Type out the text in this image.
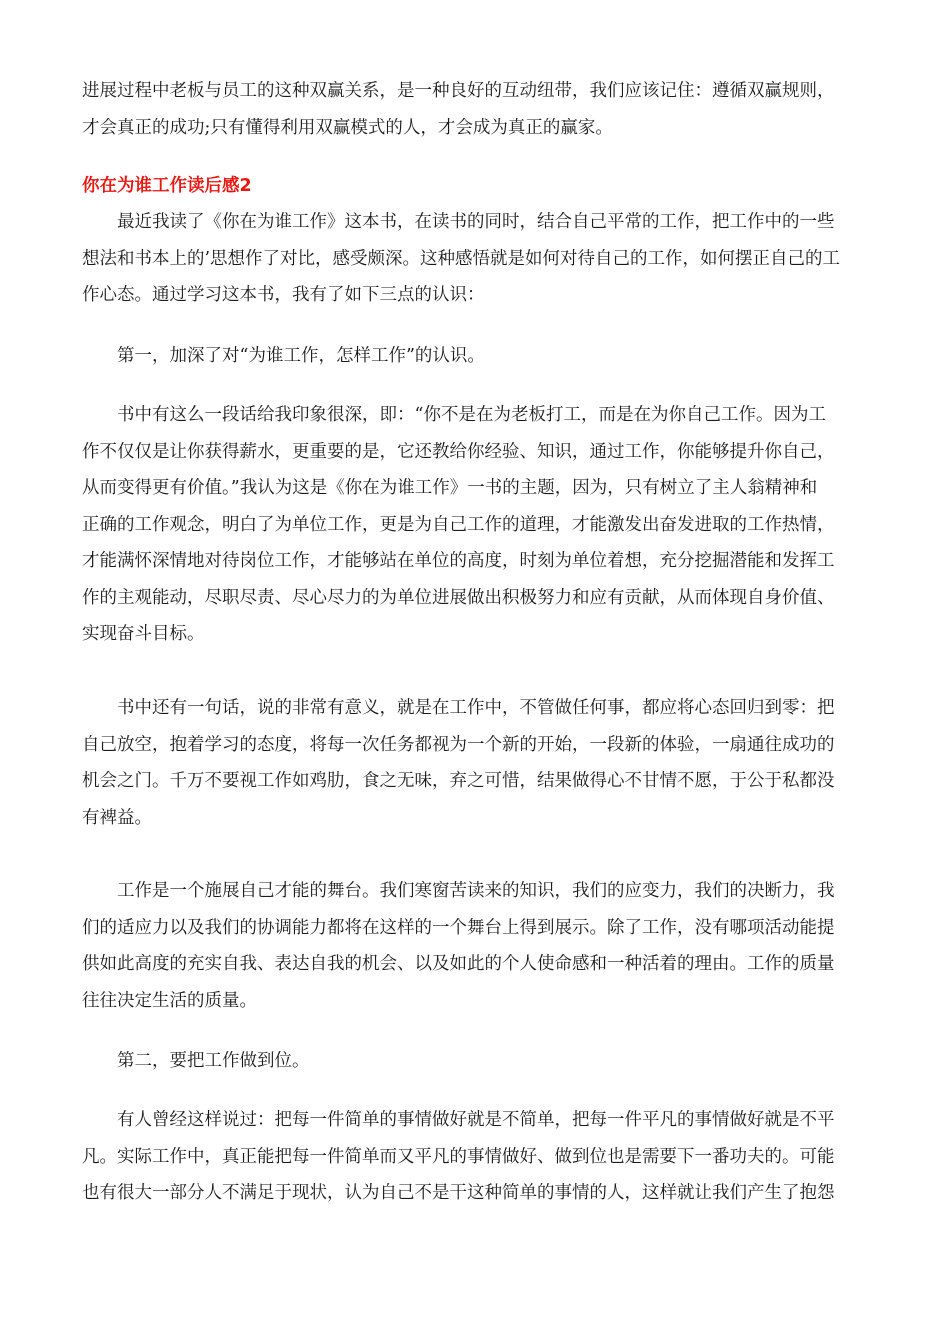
进展过程中老板与员工的这种双赢关系，是一种良好的互动纽带，我们应该记住：遵循双赢规则，
才会真正的成功;只有懂得利用双赢模式的人，才会成为真正的赢家。
你在为谁工作读后感2
　　最近我读了《你在为谁工作》这本书，在读书的同时，结合自己平常的工作，把工作中的一些
想法和书本上的’思想作了对比，感受颇深。这种感悟就是如何对待自己的工作，如何摆正自己的工
作心态。通过学习这本书，我有了如下三点的认识：
　　第一，加深了对“为谁工作，怎样工作”的认识。
　　书中有这么一段话给我印象很深，即：“你不是在为老板打工，而是在为你自己工作。因为工
作不仅仅是让你获得薪水，更重要的是，它还教给你经验、知识，通过工作，你能够提升你自己，
从而变得更有价值。”我认为这是《你在为谁工作》一书的主题，因为，只有树立了主人翁精神和
正确的工作观念，明白了为单位工作，更是为自己工作的道理，才能激发出奋发进取的工作热情，
才能满怀深情地对待岗位工作，才能够站在单位的高度，时刻为单位着想，充分挖掘潜能和发挥工
作的主观能动，尽职尽责、尽心尽力的为单位进展做出积极努力和应有贡献，从而体现自身价值、
实现奋斗目标。
　　书中还有一句话，说的非常有意义，就是在工作中，不管做任何事，都应将心态回归到零：把
自己放空，抱着学习的态度，将每一次任务都视为一个新的开始，一段新的体验，一扇通往成功的
机会之门。千万不要视工作如鸡肋，食之无味，弃之可惜，结果做得心不甘情不愿，于公于私都没
有裨益。
　　工作是一个施展自己才能的舞台。我们寒窗苦读来的知识，我们的应变力，我们的决断力，我
们的适应力以及我们的协调能力都将在这样的一个舞台上得到展示。除了工作，没有哪项活动能提
供如此高度的充实自我、表达自我的机会、以及如此的个人使命感和一种活着的理由。工作的质量
往往决定生活的质量。
　　第二，要把工作做到位。
　　有人曾经这样说过：把每一件简单的事情做好就是不简单，把每一件平凡的事情做好就是不平
凡。实际工作中，真正能把每一件简单而又平凡的事情做好、做到位也是需要下一番功夫的。可能
也有很大一部分人不满足于现状，认为自己不是干这种简单的事情的人，这样就让我们产生了抱怨
